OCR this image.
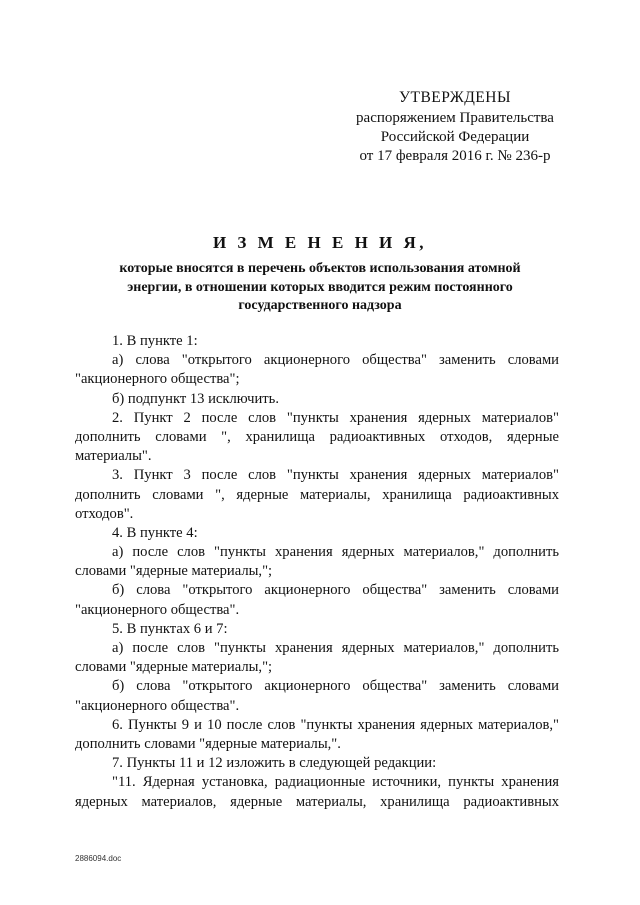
УТВЕРЖДЕНЫ
распоряжением Правительства
Российской Федерации
от 17 февраля 2016 г. № 236-р
И З М Е Н Е Н И Я,
которые вносятся в перечень объектов использования атомной
энергии, в отношении которых вводится режим постоянного
государственного надзора
1. В пункте 1:
а) слова "открытого акционерного общества" заменить словами
"акционерного общества";
б) подпункт 13 исключить.
2. Пункт 2 после слов "пункты хранения ядерных материалов"
дополнить словами ", хранилища радиоактивных отходов, ядерные
материалы".
3. Пункт 3 после слов "пункты хранения ядерных материалов"
дополнить словами ", ядерные материалы, хранилища радиоактивных
отходов".
4. В пункте 4:
а) после слов "пункты хранения ядерных материалов," дополнить
словами "ядерные материалы,";
б) слова "открытого акционерного общества" заменить словами
"акционерного общества".
5. В пунктах 6 и 7:
а) после слов "пункты хранения ядерных материалов," дополнить
словами "ядерные материалы,";
б) слова "открытого акционерного общества" заменить словами
"акционерного общества".
6. Пункты 9 и 10 после слов "пункты хранения ядерных материалов,"
дополнить словами "ядерные материалы,".
7. Пункты 11 и 12 изложить в следующей редакции:
"11. Ядерная установка, радиационные источники, пункты хранения
ядерных материалов, ядерные материалы, хранилища радиоактивных
2886094.doc
